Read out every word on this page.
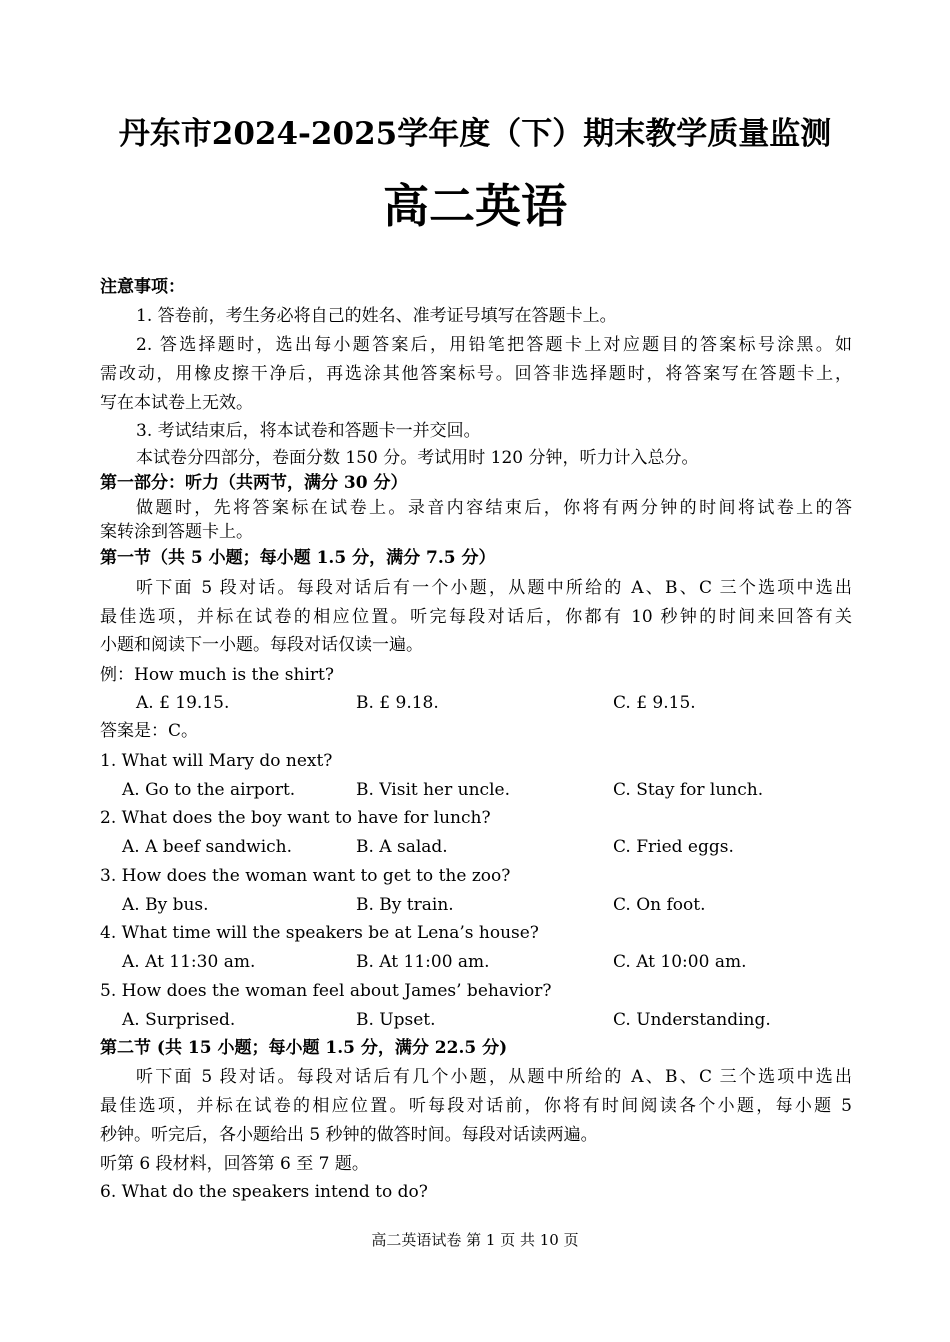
丹东市2024-2025学年度（下）期末教学质量监测
高二英语
注意事项：
1. 答卷前，考生务必将自己的姓名、准考证号填写在答题卡上。
2. 答选择题时，选出每小题答案后，用铅笔把答题卡上对应题目的答案标号涂黑。如
需改动，用橡皮擦干净后，再选涂其他答案标号。回答非选择题时，将答案写在答题卡上，
写在本试卷上无效。
3. 考试结束后，将本试卷和答题卡一并交回。
本试卷分四部分，卷面分数 150 分。考试用时 120 分钟，听力计入总分。
第一部分：听力（共两节，满分 30 分）
做题时，先将答案标在试卷上。录音内容结束后，你将有两分钟的时间将试卷上的答
案转涂到答题卡上。
第一节（共 5 小题；每小题 1.5 分，满分 7.5 分）
听下面 5 段对话。每段对话后有一个小题，从题中所给的 A、B、C 三个选项中选出
最佳选项，并标在试卷的相应位置。听完每段对话后，你都有 10 秒钟的时间来回答有关
小题和阅读下一小题。每段对话仅读一遍。
例：How much is the shirt?
A. £ 19.15.	B. £ 9.18.	C. £ 9.15.
答案是：C。
1. What will Mary do next?
A. Go to the airport.	B. Visit her uncle.	C. Stay for lunch.
2. What does the boy want to have for lunch?
A. A beef sandwich.	B. A salad.	C. Fried eggs.
3. How does the woman want to get to the zoo?
A. By bus.	B. By train.	C. On foot.
4. What time will the speakers be at Lena’s house?
A. At 11:30 am.	B. At 11:00 am.	C. At 10:00 am.
5. How does the woman feel about James’ behavior?
A. Surprised.	B. Upset.	C. Understanding.
第二节 (共 15 小题；每小题 1.5 分，满分 22.5 分)
听下面 5 段对话。每段对话后有几个小题，从题中所给的 A、B、C 三个选项中选出
最佳选项，并标在试卷的相应位置。听每段对话前，你将有时间阅读各个小题，每小题 5
秒钟。听完后，各小题给出 5 秒钟的做答时间。每段对话读两遍。
听第 6 段材料，回答第 6 至 7 题。
6. What do the speakers intend to do?
高二英语试卷 第 1 页 共 10 页
